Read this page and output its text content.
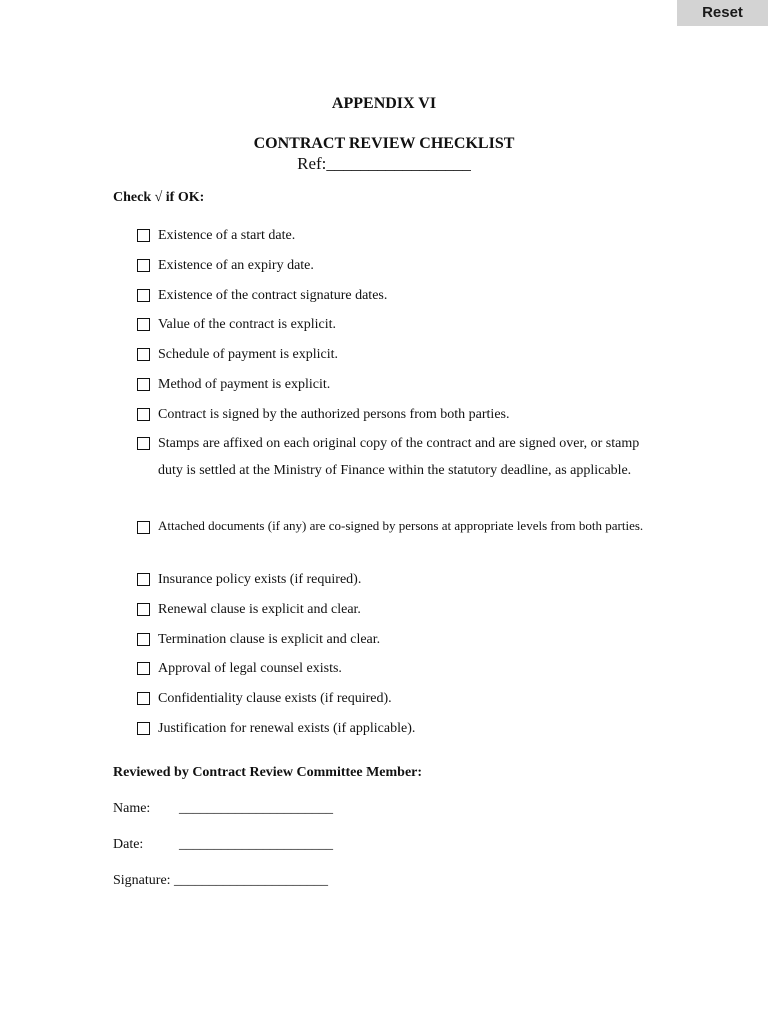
Reset
APPENDIX VI
CONTRACT REVIEW CHECKLIST
Ref:_________________
Check √ if OK:
Existence of a start date.
Existence of an expiry date.
Existence of the contract signature dates.
Value of the contract is explicit.
Schedule of payment is explicit.
Method of payment is explicit.
Contract is signed by the authorized persons from both parties.
Stamps are affixed on each original copy of the contract and are signed over, or stamp duty is settled at the Ministry of Finance within the statutory deadline, as applicable.
Attached documents (if any) are co-signed by persons at appropriate levels from both parties.
Insurance policy exists (if required).
Renewal clause is explicit and clear.
Termination clause is explicit and clear.
Approval of legal counsel exists.
Confidentiality clause exists (if required).
Justification for renewal exists (if applicable).
Reviewed by Contract Review Committee Member:
Name: ______________________
Date:	______________________
Signature: ______________________
